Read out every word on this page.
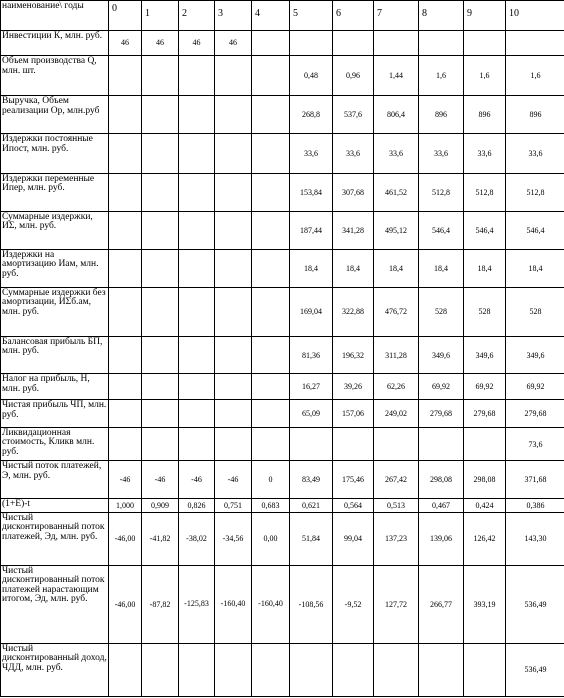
наименование\ годы	0	1	2	3	4	5	6	7	8	9	10
Инвестиции К, млн. руб.	46	46	46	46							
Объем производства Q, млн. шт.						0,48	0,96	1,44	1,6	1,6	1,6
Выручка, Объем реализации Ор, млн.руб						268,8	537,6	806,4	896	896	896
Издержки постоянные Ипост, млн. руб.						33,6	33,6	33,6	33,6	33,6	33,6
Издержки переменные Ипер, млн. руб.						153,84	307,68	461,52	512,8	512,8	512,8
Суммарные издержки, ИΣ, млн. руб.						187,44	341,28	495,12	546,4	546,4	546,4
Издержки на амортизацию Иам, млн. руб.						18,4	18,4	18,4	18,4	18,4	18,4
Суммарные издержки без амортизации, ИΣб.ам, млн. руб.						169,04	322,88	476,72	528	528	528
Балансовая прибыль БП, млн. руб.						81,36	196,32	311,28	349,6	349,6	349,6
Налог на прибыль, Н, млн. руб.						16,27	39,26	62,26	69,92	69,92	69,92
Чистая прибыль ЧП, млн. руб.						65,09	157,06	249,02	279,68	279,68	279,68
Ликвидационная стоимость, Кликв млн. руб.											73,6
Чистый поток платежей, Э, млн. руб.	-46	-46	-46	-46	0	83,49	175,46	267,42	298,08	298,08	371,68
(1+Е)-t	1,000	0,909	0,826	0,751	0,683	0,621	0,564	0,513	0,467	0,424	0,386
Чистый дисконтированный поток платежей, Эд, млн. руб.	-46,00	-41,82	-38,02	-34,56	0,00	51,84	99,04	137,23	139,06	126,42	143,30
Чистый дисконтированный поток платежей нарастающим итогом, Эд, млн. руб.	-46,00	-87,82	-125,83	-160,40	-160,40	-108,56	-9,52	127,72	266,77	393,19	536,49
Чистый дисконтированный доход, ЧДД, млн. руб.											536,49
